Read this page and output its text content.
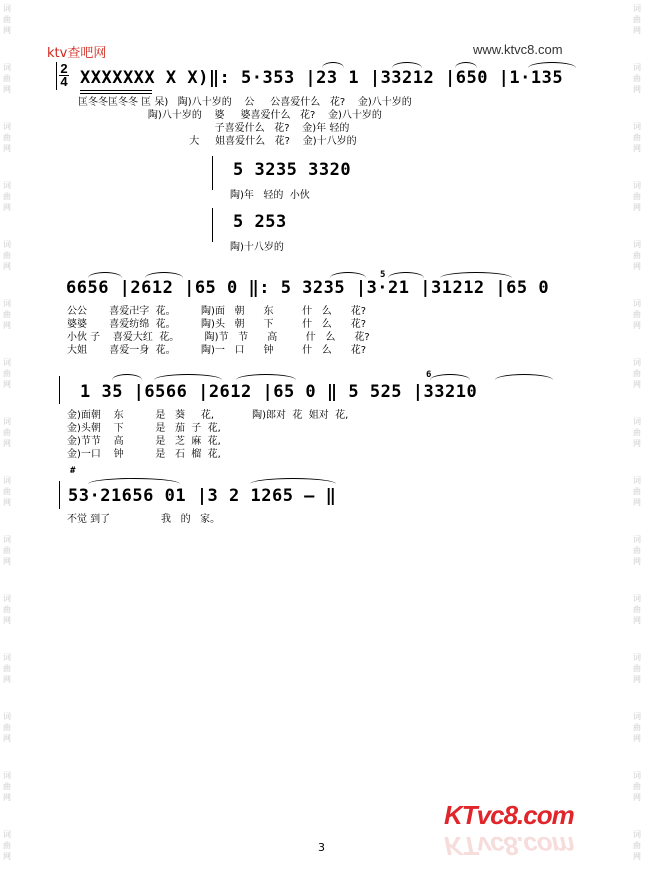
词
曲
网
词
曲
网
词
曲
网
词
曲
网
词
曲
网
词
曲
网
词
曲
网
词
曲
网
词
曲
网
词
曲
网
词
曲
网
词
曲
网
词
曲
网
词
曲
网
词
曲
网
词
曲
网
词
曲
网
词
曲
网
词
曲
网
词
曲
网
词
曲
网
词
曲
网
词
曲
网
词
曲
网
词
曲
网
词
曲
网
词
曲
网
词
曲
网
词
曲
网
词
曲
网
ktv查吧网	www.ktvc8.com
2
4 XXXXXXX X X)‖: 5·353 |23 1 |33212 |650 |1·135
匡冬冬匡冬冬 匡 呆)   陶)八十岁的    公     公喜爱什么   花?    金)八十岁的
陶)八十岁的    婆     婆喜爱什么   花?    金)八十岁的
子喜爱什么   花?    金)年 轻的
大     姐喜爱什么   花?    金)十八岁的
5 3235 3320
陶)年   轻的  小伙
5 253
陶)十八岁的
5
6656 |2612 |65 0 ‖: 5 3235 |3·21 |31212 |65 0
公公       喜爱卍字  花。        陶)面   朝      东         什   么      花?
婆婆       喜爱纺绵  花。        陶)头   朝      下         什   么      花?
小伙 子    喜爱大红  花。        陶)节   节      高         什   么      花?
大姐       喜爱一身  花。        陶)一   口      钟         什   么      花?
6
1 35 |6566 |2612 |65 0 ‖ 5 525 |33210
金)面朝    东          是   葵     花,            陶)郎对  花  姐对  花,
金)头朝    下          是   茄  子  花,
金)节节    高          是   芝  麻  花,
金)一口    钟          是   石  榴  花,
#
53·21656 01 |3 2 1265 — ‖
不觉 到了                我   的   家。
KTvc8.com
KTvc8.com
3
